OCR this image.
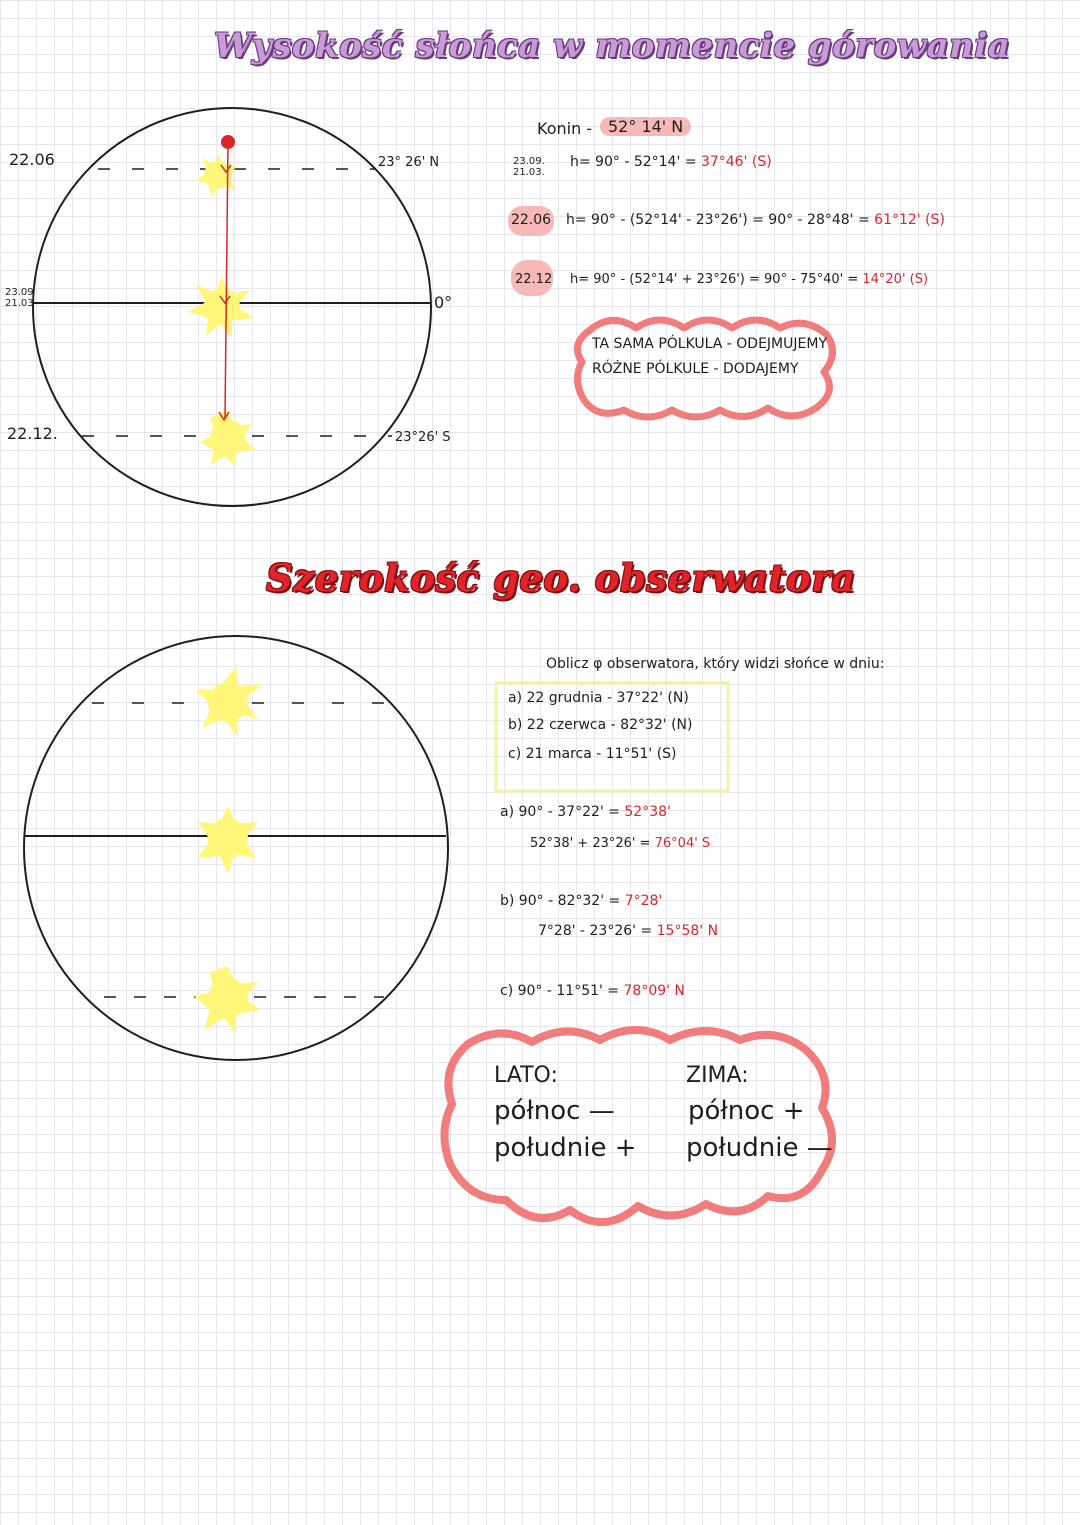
Wysokość słońca w momencie górowania
Szerokość geo. obserwatora
22.06
23.09
21.03
22.12.
23° 26' N
0°
23°26' S
Konin - 52° 14' N
23.09.
21.03.
h= 90° - 52°14' = 37°46' (S)
22.06 h= 90° - (52°14' - 23°26') = 90° - 28°48' = 61°12' (S)
22.12 h= 90° - (52°14' + 23°26') = 90° - 75°40' = 14°20' (S)
TA SAMA PÓLKULA - ODEJMUJEMY
RÓŻNE PÓLKULE - DODAJEMY
Oblicz φ obserwatora, który widzi słońce w dniu:
a) 22 grudnia - 37°22' (N)
b) 22 czerwca - 82°32' (N)
c) 21 marca - 11°51' (S)
a) 90° - 37°22' = 52°38'
52°38' + 23°26' = 76°04' S
b) 90° - 82°32' = 7°28'
7°28' - 23°26' = 15°58' N
c) 90° - 11°51' = 78°09' N
LATO:
północ —
południe +
ZIMA:
północ +
południe —
